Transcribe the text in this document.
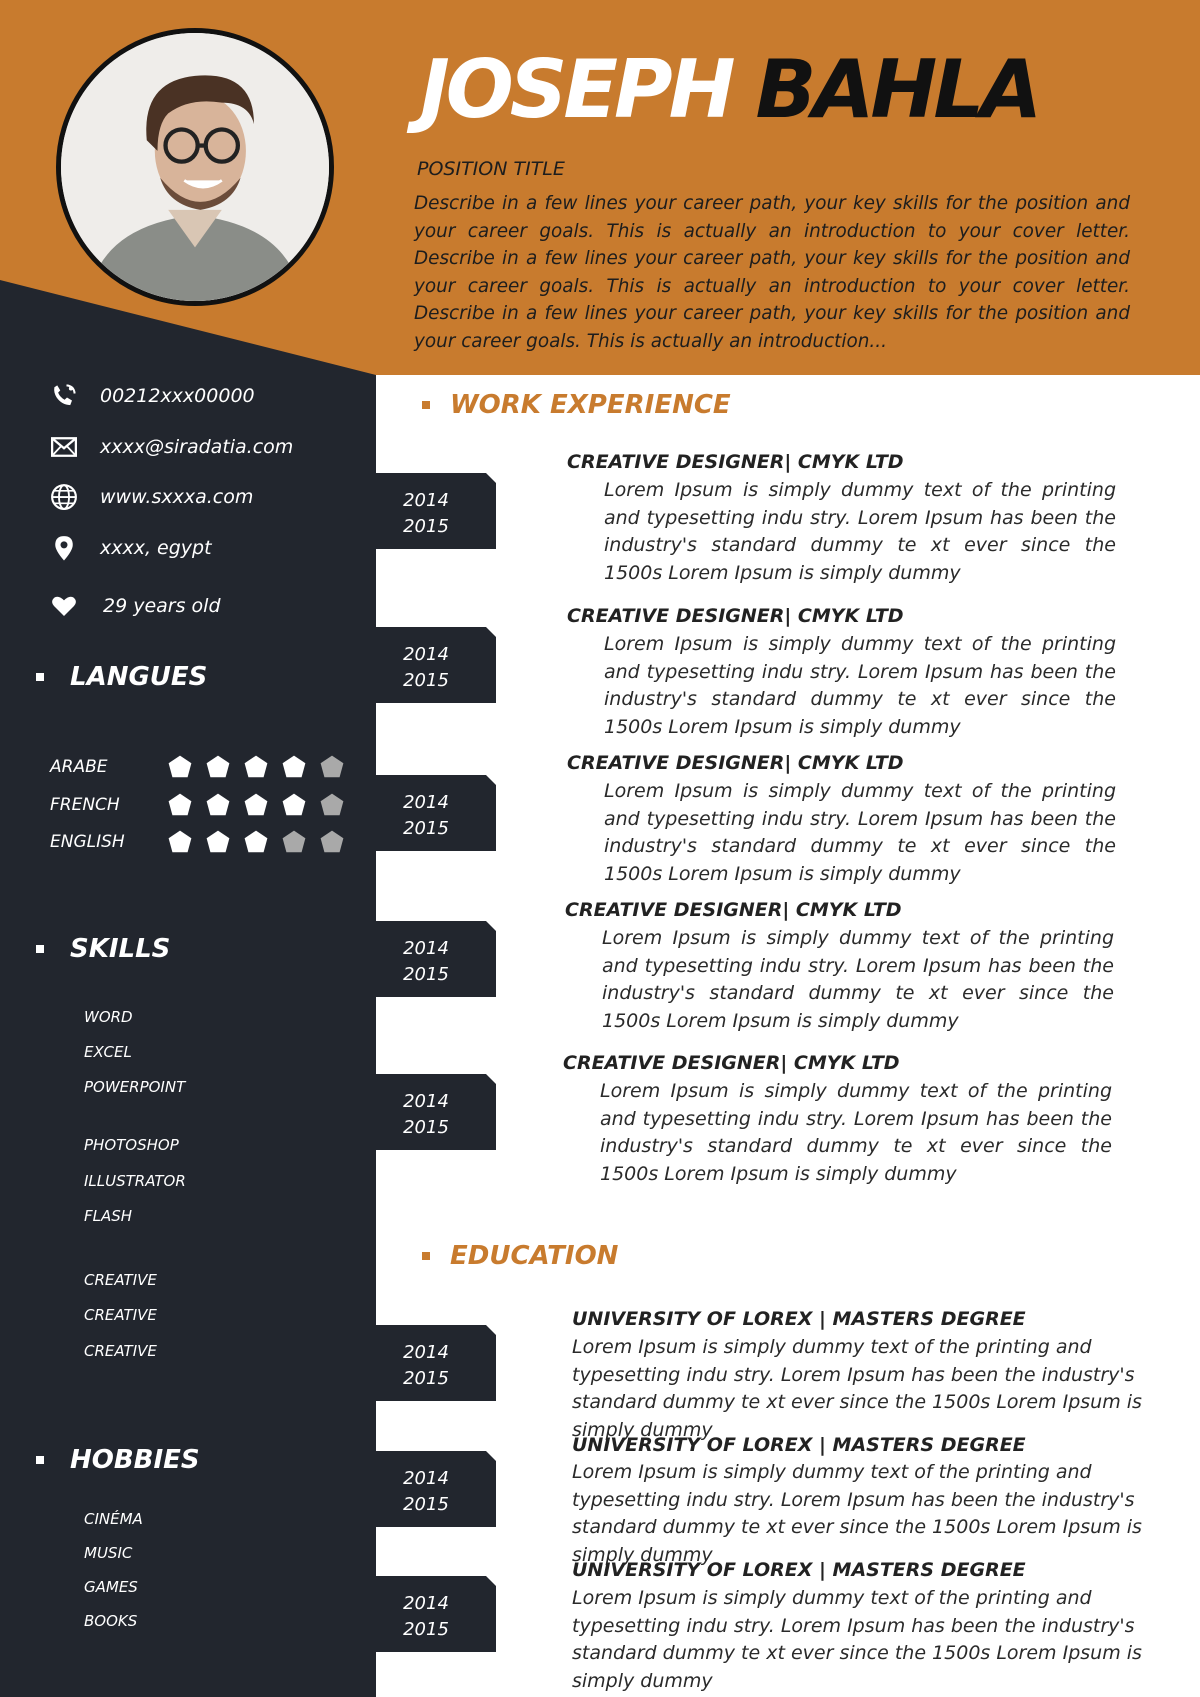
JOSEPH BAHLA
POSITION TITLE

Describe in a few lines your career path, your key skills for the position and your career goals. This is actually an introduction to your cover letter. Describe in a few lines your career path, your key skills for the position and your career goals. This is actually an introduction to your cover letter. Describe in a few lines your career path, your key skills for the position and your career goals. This is actually an introduction...

00212xxx00000
xxxx@siradatia.com
www.sxxxa.com
xxxx, egypt
29 years old
LANGUES
ARABE
FRENCH
ENGLISH
SKILLS
WORD
EXCEL
POWERPOINT
PHOTOSHOP
ILLUSTRATOR
FLASH
CREATIVE
CREATIVE
CREATIVE
HOBBIES
CINÉMA
MUSIC
GAMES
BOOKS
WORK EXPERIENCE
2014
2015
CREATIVE DESIGNER| CMYK LTD

Lorem Ipsum is simply dummy text of the printing and typesetting indu stry. Lorem Ipsum has been the industry's standard dummy te xt ever since the 1500s Lorem Ipsum is simply dummy

2014
2015
CREATIVE DESIGNER| CMYK LTD

Lorem Ipsum is simply dummy text of the printing and typesetting indu stry. Lorem Ipsum has been the industry's standard dummy te xt ever since the 1500s Lorem Ipsum is simply dummy

2014
2015
CREATIVE DESIGNER| CMYK LTD

Lorem Ipsum is simply dummy text of the printing and typesetting indu stry. Lorem Ipsum has been the industry's standard dummy te xt ever since the 1500s Lorem Ipsum is simply dummy

2014
2015
CREATIVE DESIGNER| CMYK LTD

Lorem Ipsum is simply dummy text of the printing and typesetting indu stry. Lorem Ipsum has been the industry's standard dummy te xt ever since the 1500s Lorem Ipsum is simply dummy

2014
2015
CREATIVE DESIGNER| CMYK LTD

Lorem Ipsum is simply dummy text of the printing and typesetting indu stry. Lorem Ipsum has been the industry's standard dummy te xt ever since the 1500s Lorem Ipsum is simply dummy

EDUCATION
2014
2015
UNIVERSITY OF LOREX | MASTERS DEGREE

Lorem Ipsum is simply dummy text of the printing and typesetting indu stry. Lorem Ipsum has been the industry's standard dummy te xt ever since the 1500s Lorem Ipsum is simply dummy

2014
2015
UNIVERSITY OF LOREX | MASTERS DEGREE

Lorem Ipsum is simply dummy text of the printing and typesetting indu stry. Lorem Ipsum has been the industry's standard dummy te xt ever since the 1500s Lorem Ipsum is simply dummy

2014
2015
UNIVERSITY OF LOREX | MASTERS DEGREE

Lorem Ipsum is simply dummy text of the printing and typesetting indu stry. Lorem Ipsum has been the industry's standard dummy te xt ever since the 1500s Lorem Ipsum is simply dummy
